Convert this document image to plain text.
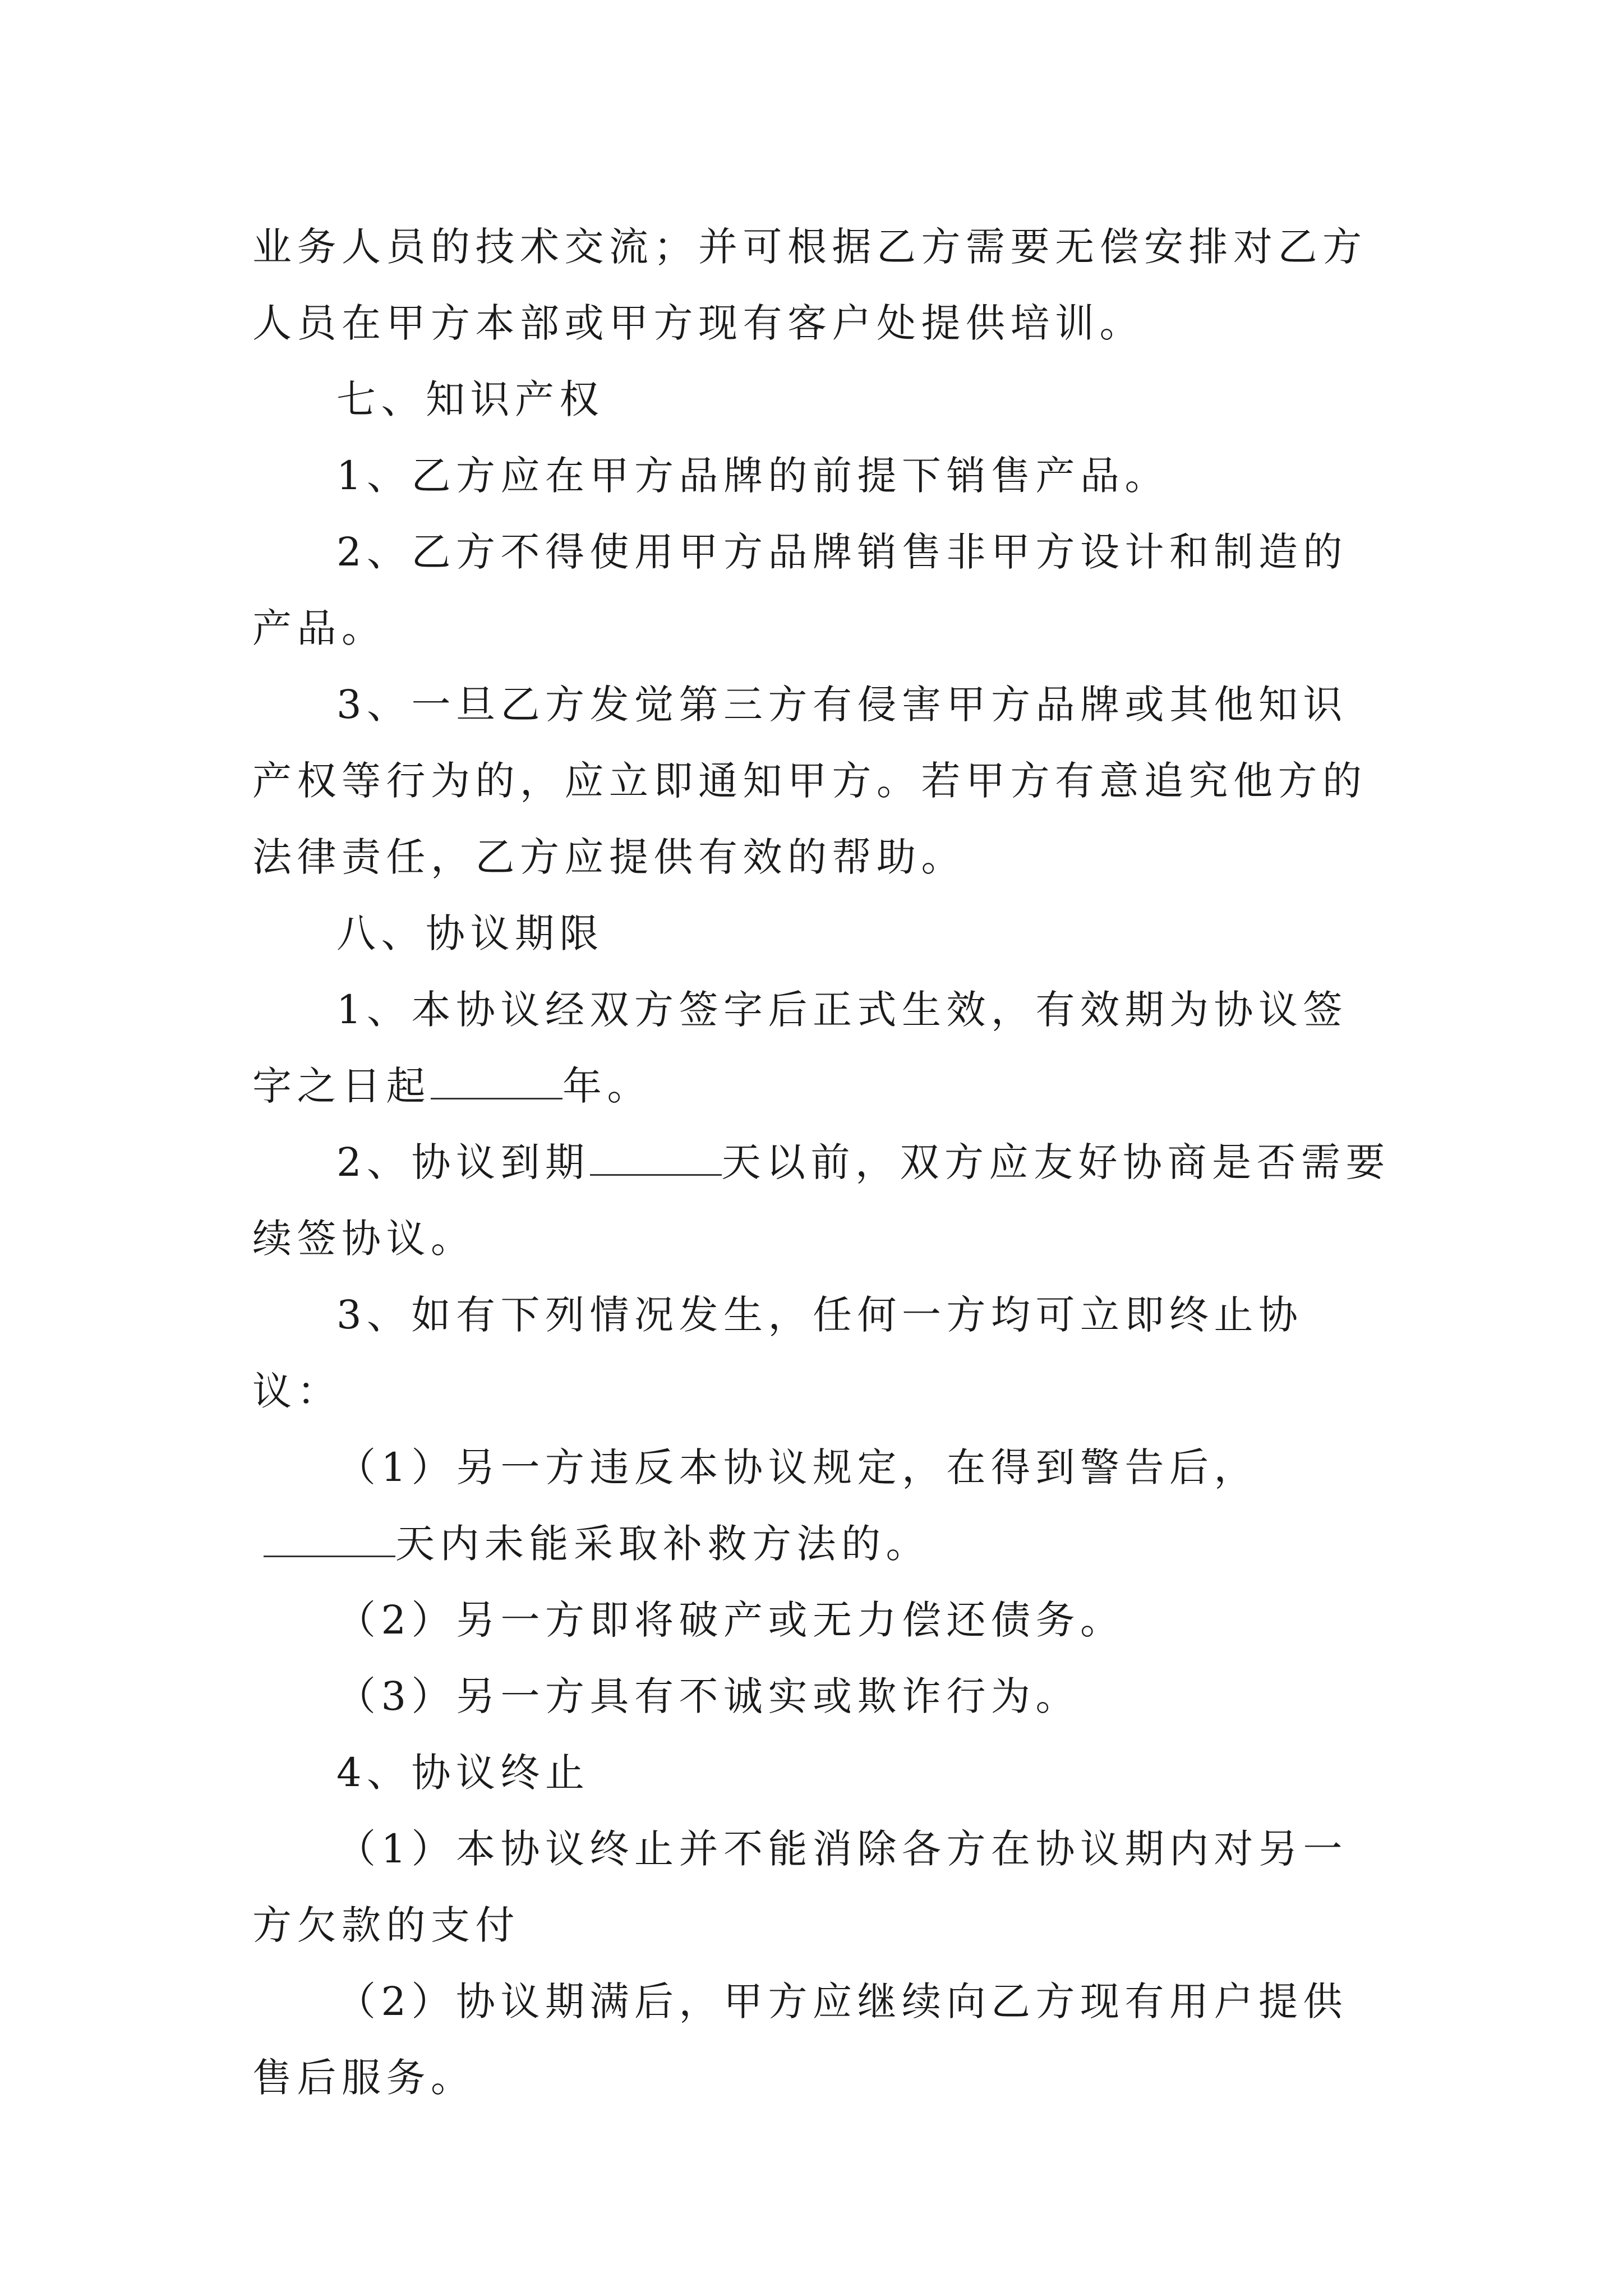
业务人员的技术交流；并可根据乙方需要无偿安排对乙方人员在甲方本部或甲方现有客户处提供培训。

七、知识产权

1、乙方应在甲方品牌的前提下销售产品。

2、乙方不得使用甲方品牌销售非甲方设计和制造的产品。

3、一旦乙方发觉第三方有侵害甲方品牌或其他知识产权等行为的，应立即通知甲方。若甲方有意追究他方的法律责任，乙方应提供有效的帮助。

八、协议期限

1、本协议经双方签字后正式生效，有效期为协议签字之日起	年。

2、协议到期	天以前，双方应友好协商是否需要续签协议。

3、如有下列情况发生，任何一方均可立即终止协议：

（1）另一方违反本协议规定，在得到警告后，天内未能采取补救方法的。

（2）另一方即将破产或无力偿还债务。

（3）另一方具有不诚实或欺诈行为。

4、协议终止

（1）本协议终止并不能消除各方在协议期内对另一方欠款的支付

（2）协议期满后，甲方应继续向乙方现有用户提供售后服务。
